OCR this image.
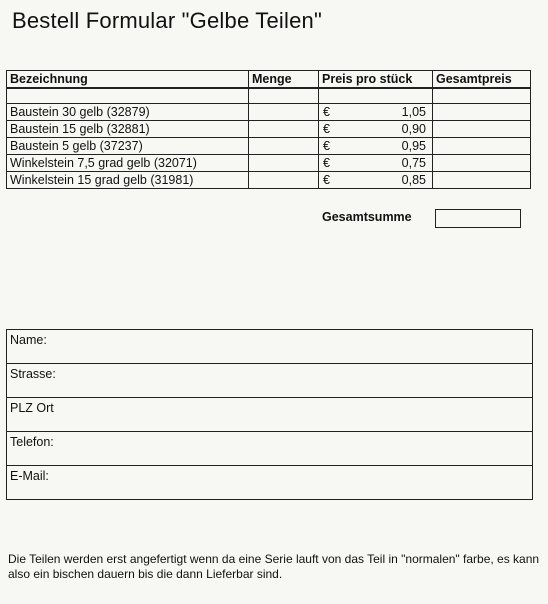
Bestell Formular "Gelbe Teilen"
Bezeichnung	Menge	Preis pro stück	Gesamtpreis

Baustein 30 gelb (32879)		€ 1,05	

Baustein 15 gelb (32881)		€ 0,90	

Baustein 5 gelb (37237)		€ 0,95	

Winkelstein 7,5 grad gelb (32071)		€ 0,75	

Winkelstein 15 grad gelb (31981)		€ 0,85	

Gesamtsumme
Name:
Strasse:
PLZ Ort
Telefon:
E-Mail:
Die Teilen werden erst angefertigt wenn da eine Serie lauft von das Teil in "normalen" farbe, es kann also ein bischen dauern bis die dann Lieferbar sind.
